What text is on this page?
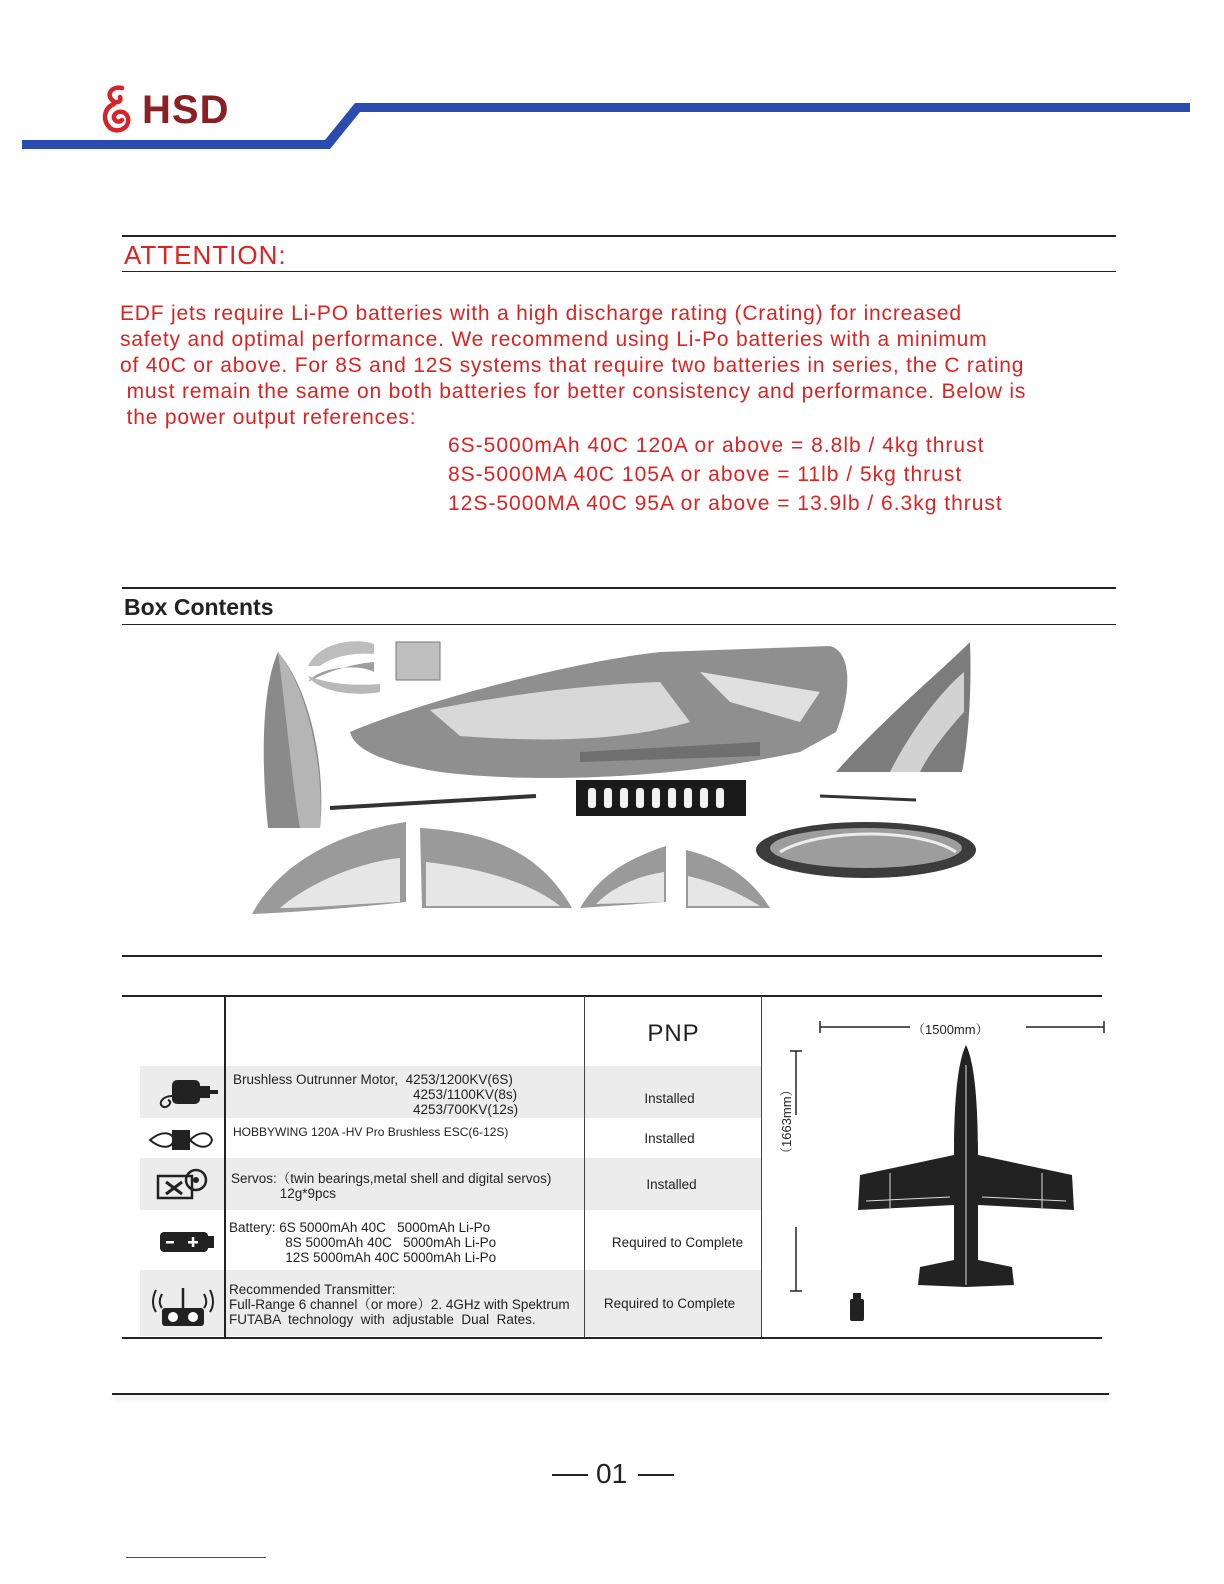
HSD
ATTENTION:
EDF jets require Li-PO batteries with a high discharge rating (Crating) for increased
safety and optimal performance. We recommend using Li-Po batteries with a minimum
of 40C or above. For 8S and 12S systems that require two batteries in series, the C rating
must remain the same on both batteries for better consistency and performance. Below is
the power output references:
6S-5000mAh 40C 120A or above = 8.8lb / 4kg thrust
8S-5000MA 40C 105A or above = 11lb / 5kg thrust
12S-5000MA 40C 95A or above = 13.9lb / 6.3kg thrust
Box Contents
PNP
Brushless Outrunner Motor,  4253/1200KV(6S)
4253/1100KV(8s)
4253/700KV(12s)
Installed
HOBBYWING 120A -HV Pro Brushless ESC(6-12S)	Installed
Servos:（twin bearings,metal shell and digital servos)
12g*9pcs
Installed
Battery: 6S 5000mAh 40C   5000mAh Li-Po
8S 5000mAh 40C   5000mAh Li-Po
12S 5000mAh 40C 5000mAh Li-Po
Required to Complete
Recommended Transmitter:
Full-Range 6 channel（or more）2. 4GHz with Spektrum
FUTABA  technology  with  adjustable  Dual  Rates.
Required to Complete
（1500mm）
（1663mm）
01
